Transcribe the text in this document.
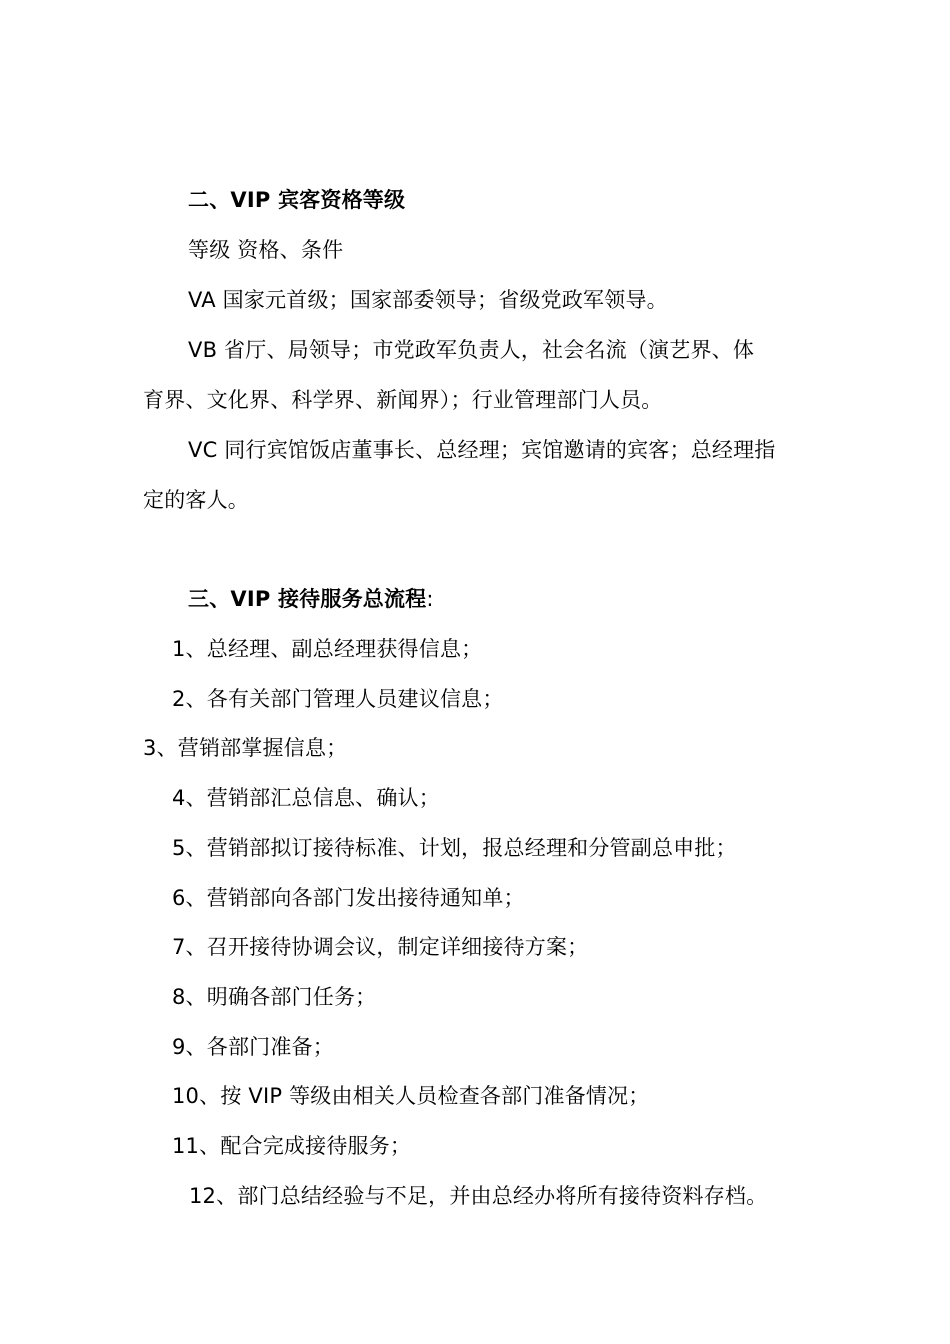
二、VIP 宾客资格等级
等级 资格、条件
VA 国家元首级；国家部委领导；省级党政军领导。
VB 省厅、局领导；市党政军负责人，社会名流（演艺界、体
育界、文化界、科学界、新闻界）；行业管理部门人员。
VC 同行宾馆饭店董事长、总经理；宾馆邀请的宾客；总经理指
定的客人。
三、VIP 接待服务总流程:
1、总经理、副总经理获得信息；
2、各有关部门管理人员建议信息；
3、营销部掌握信息；
4、营销部汇总信息、确认；
5、营销部拟订接待标准、计划，报总经理和分管副总申批；
6、营销部向各部门发出接待通知单；
7、召开接待协调会议，制定详细接待方案；
8、明确各部门任务；
9、各部门准备；
10、按 VIP 等级由相关人员检查各部门准备情况；
11、配合完成接待服务；
12、部门总结经验与不足，并由总经办将所有接待资料存档。
